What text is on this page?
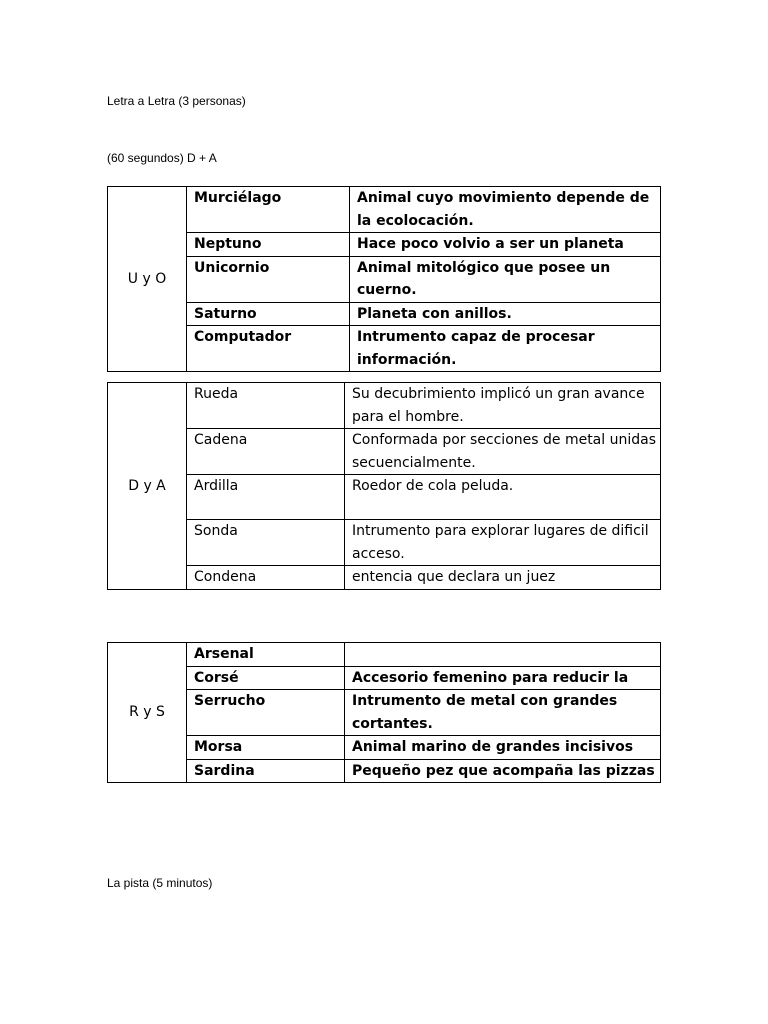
Letra a Letra (3 personas)
(60 segundos) D + A
U y O	Murciélago	Animal cuyo movimiento depende de la ecolocación.
	Neptuno	Hace poco volvio a ser un planeta
	Unicornio	Animal mitológico que posee un cuerno.
	Saturno	Planeta con anillos.
	Computador	Intrumento capaz de procesar información.
D y A	Rueda	Su decubrimiento implicó un gran avance para el hombre.
	Cadena	Conformada por secciones de metal unidas secuencialmente.
	Ardilla	Roedor de cola peluda.
	Sonda	Intrumento para explorar lugares de dificil acceso.
	Condena	entencia que declara un juez
R y S	Arsenal	
	Corsé	Accesorio femenino para reducir la
	Serrucho	Intrumento de metal con grandes cortantes.
	Morsa	Animal marino de grandes incisivos
	Sardina	Pequeño pez que acompaña las pizzas
La pista (5 minutos)
